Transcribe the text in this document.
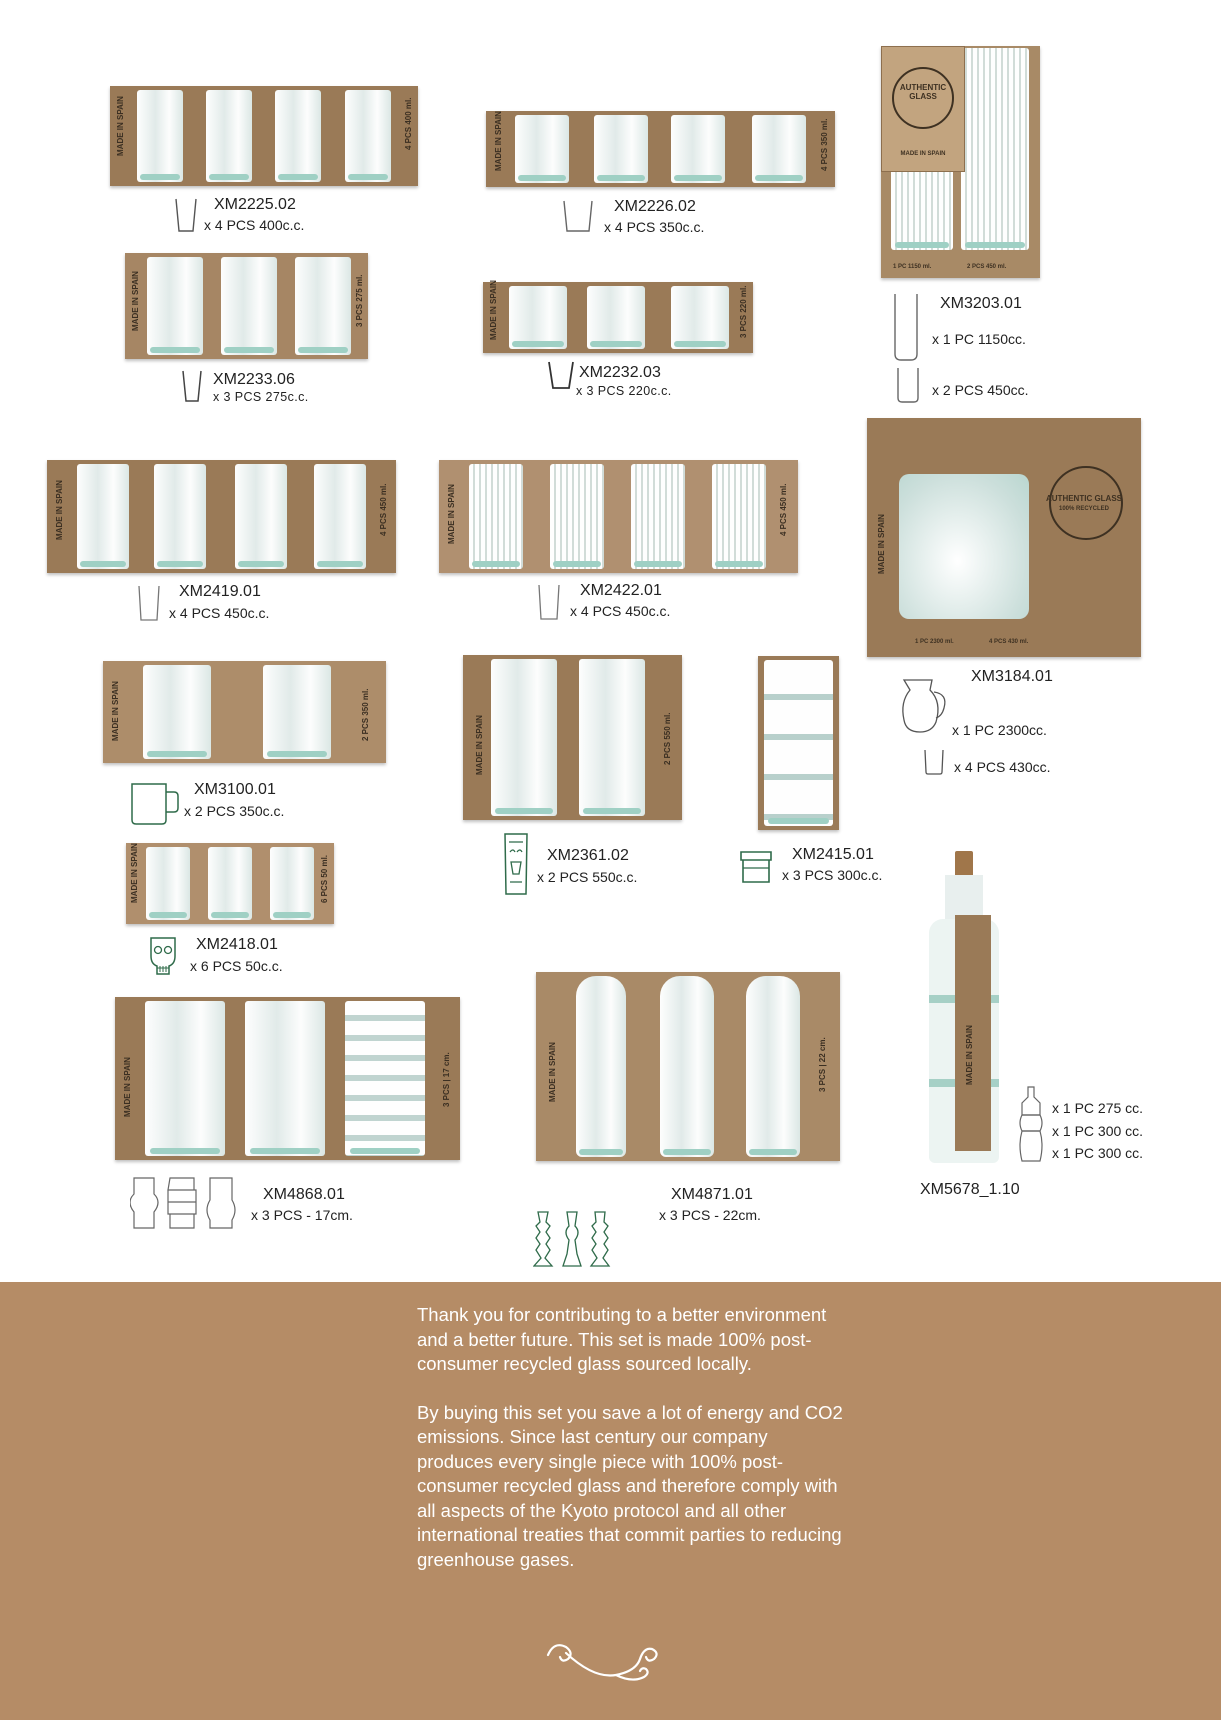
MADE IN SPAIN	4 PCS 400 ml.
XM2225.02
x 4 PCS 400c.c.
MADE IN SPAIN	4 PCS 350 ml.
XM2226.02
x 4 PCS 350c.c.
AUTHENTIC GLASS
MADE IN SPAIN
1 PC 1150 ml.	2 PCS 450 ml.
XM3203.01
x 1 PC 1150cc.
x 2 PCS 450cc.
MADE IN SPAIN	3 PCS 275 ml.
XM2233.06
x 3 PCS 275c.c.
MADE IN SPAIN	3 PCS 220 ml.
XM2232.03
x 3 PCS 220c.c.
MADE IN SPAIN	4 PCS 450 ml.
XM2419.01
x 4 PCS 450c.c.
MADE IN SPAIN	4 PCS 450 ml.
XM2422.01
x 4 PCS 450c.c.
AUTHENTIC GLASS
100% RECYCLED
MADE IN SPAIN
1 PC 2300 ml.	4 PCS 430 ml.
XM3184.01
x 1 PC 2300cc.
x 4 PCS 430cc.
MADE IN SPAIN	2 PCS 350 ml.
XM3100.01
x 2 PCS 350c.c.
MADE IN SPAIN	2 PCS 550 ml.
XM2361.02
x 2 PCS 550c.c.
XM2415.01
x 3 PCS 300c.c.
MADE IN SPAIN	6 PCS 50 ml.
XM2418.01
x 6 PCS 50c.c.
MADE IN SPAIN	3 PCS | 17 cm.
XM4868.01
x 3 PCS - 17cm.
MADE IN SPAIN	3 PCS | 22 cm.
XM4871.01
x 3 PCS - 22cm.
MADE IN SPAIN
x 1 PC 275 cc.
x 1 PC 300 cc.
x 1 PC 300 cc.
XM5678_1.10

Thank you for contributing to a better environment and a better future. This set is made 100% post-consumer recycled glass sourced locally.

By buying this set you save a lot of energy and CO2 emissions. Since last century our company produces every single piece with 100% post-consumer recycled glass and therefore comply with all aspects of the Kyoto protocol and all other international treaties that commit parties to reducing greenhouse gases.
